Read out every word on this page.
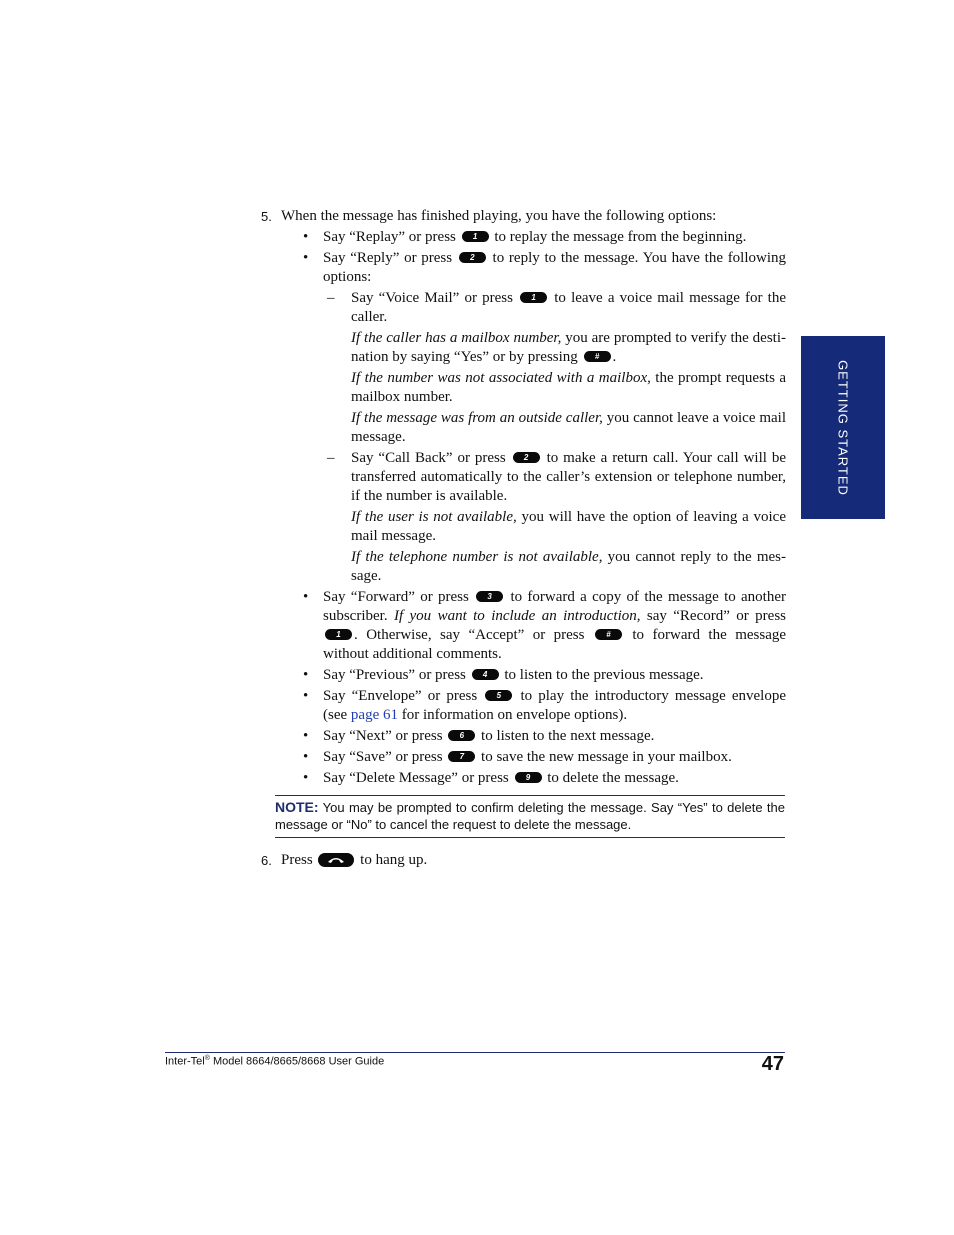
5. When the message has finished playing, you have the following options:
• Say “Replay” or press 1 to replay the message from the beginning.
• Say “Reply” or press 2 to reply to the message. You have the following options:
– Say “Voice Mail” or press 1 to leave a voice mail message for the caller.

If the caller has a mailbox number, you are prompted to verify the desti-nation by saying “Yes” or by pressing # .

If the number was not associated with a mailbox, the prompt requests a mailbox number.

If the message was from an outside caller, you cannot leave a voice mail message.

– Say “Call Back” or press 2 to make a return call. Your call will be transferred automatically to the caller’s extension or telephone number, if the number is available.

If the user is not available, you will have the option of leaving a voice mail message.

If the telephone number is not available, you cannot reply to the mes-sage.

• Say “Forward” or press 3 to forward a copy of the message to another subscriber. If you want to include an introduction, say “Record” or press 1 . Otherwise, say “Accept” or press	# to forward the message without additional comments.
• Say “Previous” or press 4 to listen to the previous message.
• Say “Envelope” or press 5 to play the introductory message envelope (see page 61 for information on envelope options).
• Say “Next” or press 6 to listen to the next message.
• Say “Save” or press 7 to save the new message in your mailbox.
• Say “Delete Message” or press 9 to delete the message.
NOTE: You may be prompted to confirm deleting the message. Say “Yes” to delete the message or “No” to cancel the request to delete the message.
6. Press	to hang up.
GETTING STARTED
Inter-Tel® Model 8664/8665/8668 User Guide	47
